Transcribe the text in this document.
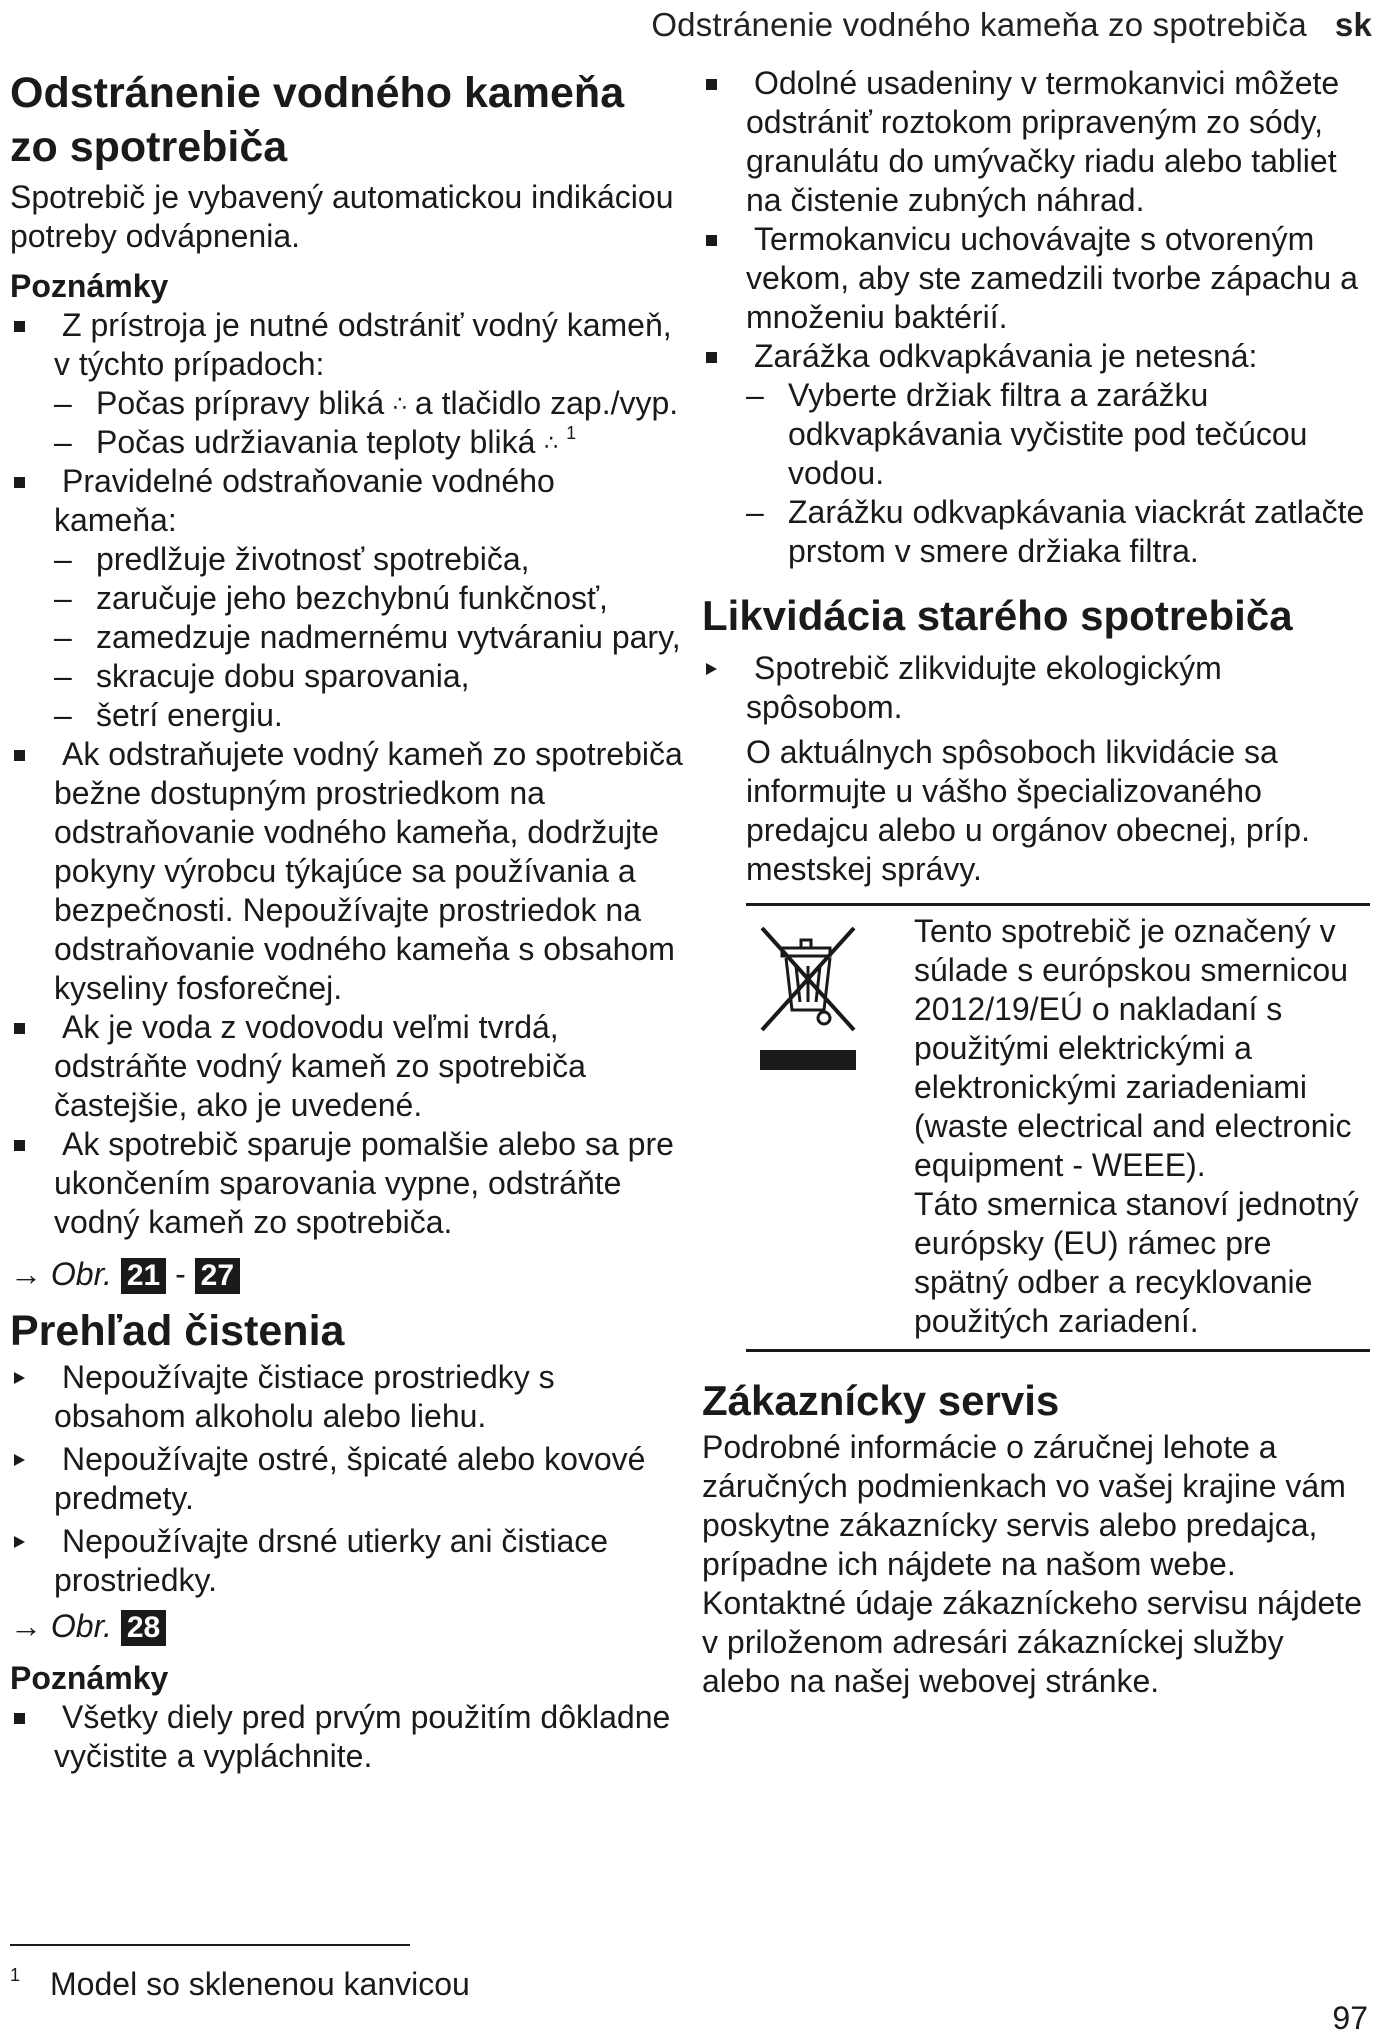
Odstránenie vodného kameňa zo spotrebiča sk
Odstránenie vodného kameňa
zo spotrebiča

Spotrebič je vybavený automatickou indikáciou potreby odvápnenia.

Poznámky
Z prístroja je nutné odstrániť vodný kameň, v týchto prípadoch:
– Počas prípravy bliká ∴ a tlačidlo zap./vyp.
– Počas udržiavania teploty bliká ∴ $^1$
Pravidelné odstraňovanie vodného kameňa:
– predlžuje životnosť spotrebiča,
– zaručuje jeho bezchybnú funkčnosť,
– zamedzuje nadmernému vytváraniu pary,
– skracuje dobu sparovania,
– šetrí energiu.
Ak odstraňujete vodný kameň zo spotrebiča bežne dostupným prostriedkom na odstraňovanie vodného kameňa, dodržujte pokyny výrobcu týkajúce sa používania a bezpečnosti. Nepoužívajte prostriedok na odstraňovanie vodného kameňa s obsahom kyseliny fosforečnej.
Ak je voda z vodovodu veľmi tvrdá, odstráňte vodný kameň zo spotrebiča častejšie, ako je uvedené.
Ak spotrebič sparuje pomalšie alebo sa pre ukončením sparovania vypne, odstráňte vodný kameň zo spotrebiča.
→ Obr. 21 - 27
Prehľad čistenia
Nepoužívajte čistiace prostriedky s obsahom alkoholu alebo liehu.
Nepoužívajte ostré, špicaté alebo kovové predmety.
Nepoužívajte drsné utierky ani čistiace prostriedky.
→ Obr. 28
Poznámky
Všetky diely pred prvým použitím dôkladne vyčistite a vypláchnite.
Odolné usadeniny v termokanvici môžete odstrániť roztokom pripraveným zo sódy, granulátu do umývačky riadu alebo tabliet na čistenie zubných náhrad.
Termokanvicu uchovávajte s otvoreným vekom, aby ste zamedzili tvorbe zápachu a množeniu baktérií.
Zarážka odkvapkávania je netesná:
– Vyberte držiak filtra a zarážku odkvapkávania vyčistite pod tečúcou vodou.
– Zarážku odkvapkávania viackrát zatlačte prstom v smere držiaka filtra.
Likvidácia starého spotrebiča
Spotrebič zlikvidujte ekologickým spôsobom.

O aktuálnych spôsoboch likvidácie sa informujte u vášho špecializovaného predajcu alebo u orgánov obecnej, príp. mestskej správy.

Tento spotrebič je označený v súlade s európskou smernicou 2012/19/EÚ o nakladaní s použitými elektrickými a elektronickými zariadeniami (waste electrical and electronic equipment - WEEE).
Táto smernica stanoví jednotný európsky (EU) rámec pre spätný odber a recyklovanie použitých zariadení.
Zákaznícky servis

Podrobné informácie o záručnej lehote a záručných podmienkach vo vašej krajine vám poskytne zákaznícky servis alebo predajca, prípadne ich nájdete na našom webe.

Kontaktné údaje zákazníckeho servisu nájdete v priloženom adresári zákazníckej služby alebo na našej webovej stránke.

$^1$ Model so sklenenou kanvicou
97
